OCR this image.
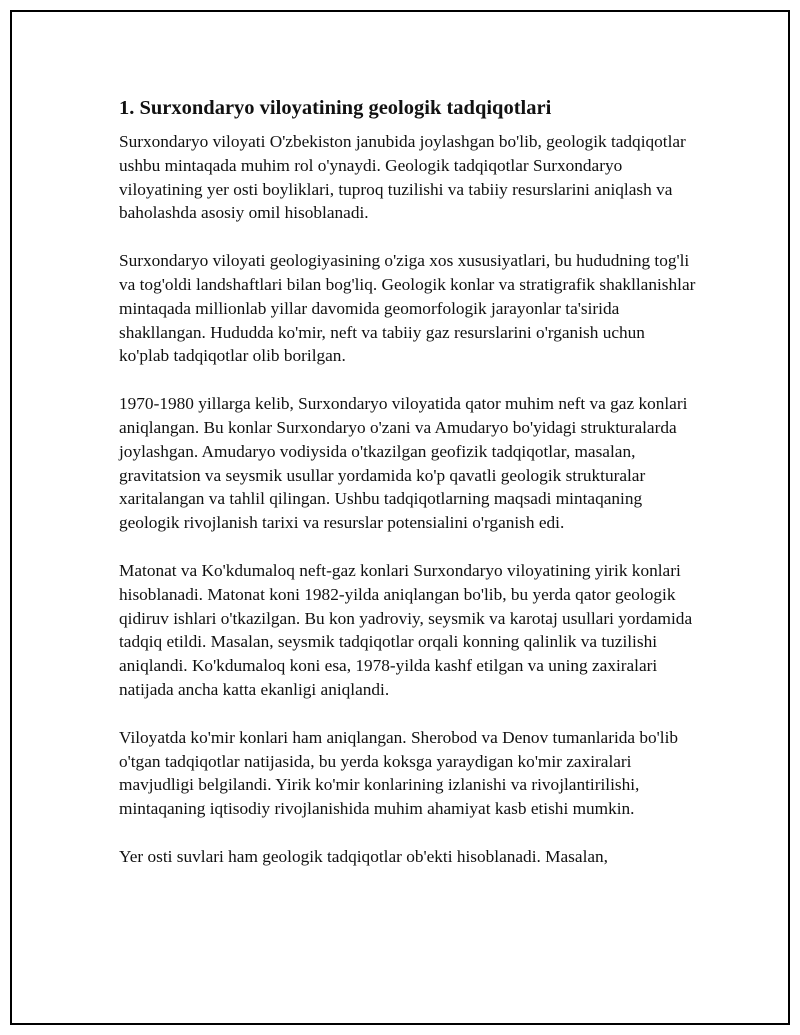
1. Surxondaryo viloyatining geologik tadqiqotlari

Surxondaryo viloyati O'zbekiston janubida joylashgan bo'lib, geologik tadqiqotlar ushbu mintaqada muhim rol o'ynaydi. Geologik tadqiqotlar Surxondaryo viloyatining yer osti boyliklari, tuproq tuzilishi va tabiiy resurslarini aniqlash va baholashda asosiy omil hisoblanadi.

Surxondaryo viloyati geologiyasining o'ziga xos xususiyatlari, bu hududning tog'li va tog'oldi landshaftlari bilan bog'liq. Geologik konlar va stratigrafik shakllanishlar mintaqada millionlab yillar davomida geomorfologik jarayonlar ta'sirida shakllangan. Hududda ko'mir, neft va tabiiy gaz resurslarini o'rganish uchun ko'plab tadqiqotlar olib borilgan.

1970-1980 yillarga kelib, Surxondaryo viloyatida qator muhim neft va gaz konlari aniqlangan. Bu konlar Surxondaryo o'zani va Amudaryo bo'yidagi strukturalarda joylashgan. Amudaryo vodiysida o'tkazilgan geofizik tadqiqotlar, masalan, gravitatsion va seysmik usullar yordamida ko'p qavatli geologik strukturalar xaritalangan va tahlil qilingan. Ushbu tadqiqotlarning maqsadi mintaqaning geologik rivojlanish tarixi va resurslar potensialini o'rganish edi.

Matonat va Ko'kdumaloq neft-gaz konlari Surxondaryo viloyatining yirik konlari hisoblanadi. Matonat koni 1982-yilda aniqlangan bo'lib, bu yerda qator geologik qidiruv ishlari o'tkazilgan. Bu kon yadroviy, seysmik va karotaj usullari yordamida tadqiq etildi. Masalan, seysmik tadqiqotlar orqali konning qalinlik va tuzilishi aniqlandi. Ko'kdumaloq koni esa, 1978-yilda kashf etilgan va uning zaxiralari natijada ancha katta ekanligi aniqlandi.

Viloyatda ko'mir konlari ham aniqlangan. Sherobod va Denov tumanlarida bo'lib o'tgan tadqiqotlar natijasida, bu yerda koksga yaraydigan ko'mir zaxiralari mavjudligi belgilandi. Yirik ko'mir konlarining izlanishi va rivojlantirilishi, mintaqaning iqtisodiy rivojlanishida muhim ahamiyat kasb etishi mumkin.

Yer osti suvlari ham geologik tadqiqotlar ob'ekti hisoblanadi. Masalan,
